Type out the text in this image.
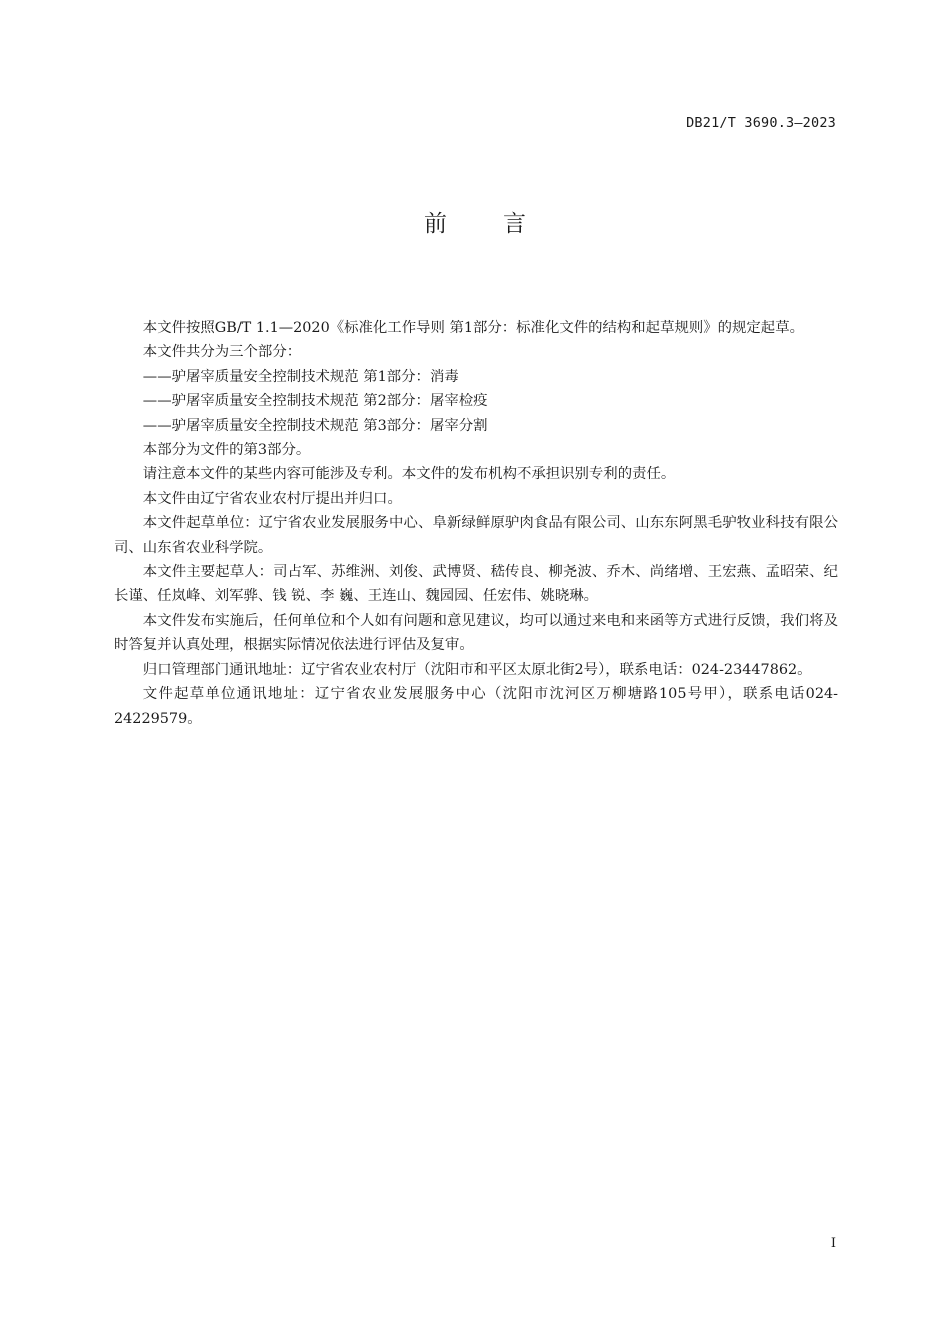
DB21/T 3690.3—2023
前言

本文件按照GB/T 1.1—2020《标准化工作导则 第1部分：标准化文件的结构和起草规则》的规定起草。

本文件共分为三个部分：

——驴屠宰质量安全控制技术规范 第1部分：消毒

——驴屠宰质量安全控制技术规范 第2部分：屠宰检疫

——驴屠宰质量安全控制技术规范 第3部分：屠宰分割

本部分为文件的第3部分。

请注意本文件的某些内容可能涉及专利。本文件的发布机构不承担识别专利的责任。

本文件由辽宁省农业农村厅提出并归口。

本文件起草单位：辽宁省农业发展服务中心、阜新绿鲜原驴肉食品有限公司、山东东阿黑毛驴牧业科技有限公司、山东省农业科学院。

本文件主要起草人：司占军、苏维洲、刘俊、武博贤、嵇传良、柳尧波、乔木、尚绪增、王宏燕、孟昭荣、纪长谨、任岚峰、刘军骅、钱 锐、李 巍、王连山、魏园园、任宏伟、姚晓琳。

本文件发布实施后，任何单位和个人如有问题和意见建议，均可以通过来电和来函等方式进行反馈，我们将及时答复并认真处理，根据实际情况依法进行评估及复审。

归口管理部门通讯地址：辽宁省农业农村厅（沈阳市和平区太原北街2号），联系电话：024-23447862。

文件起草单位通讯地址：辽宁省农业发展服务中心（沈阳市沈河区万柳塘路105号甲），联系电话024-24229579。

I
